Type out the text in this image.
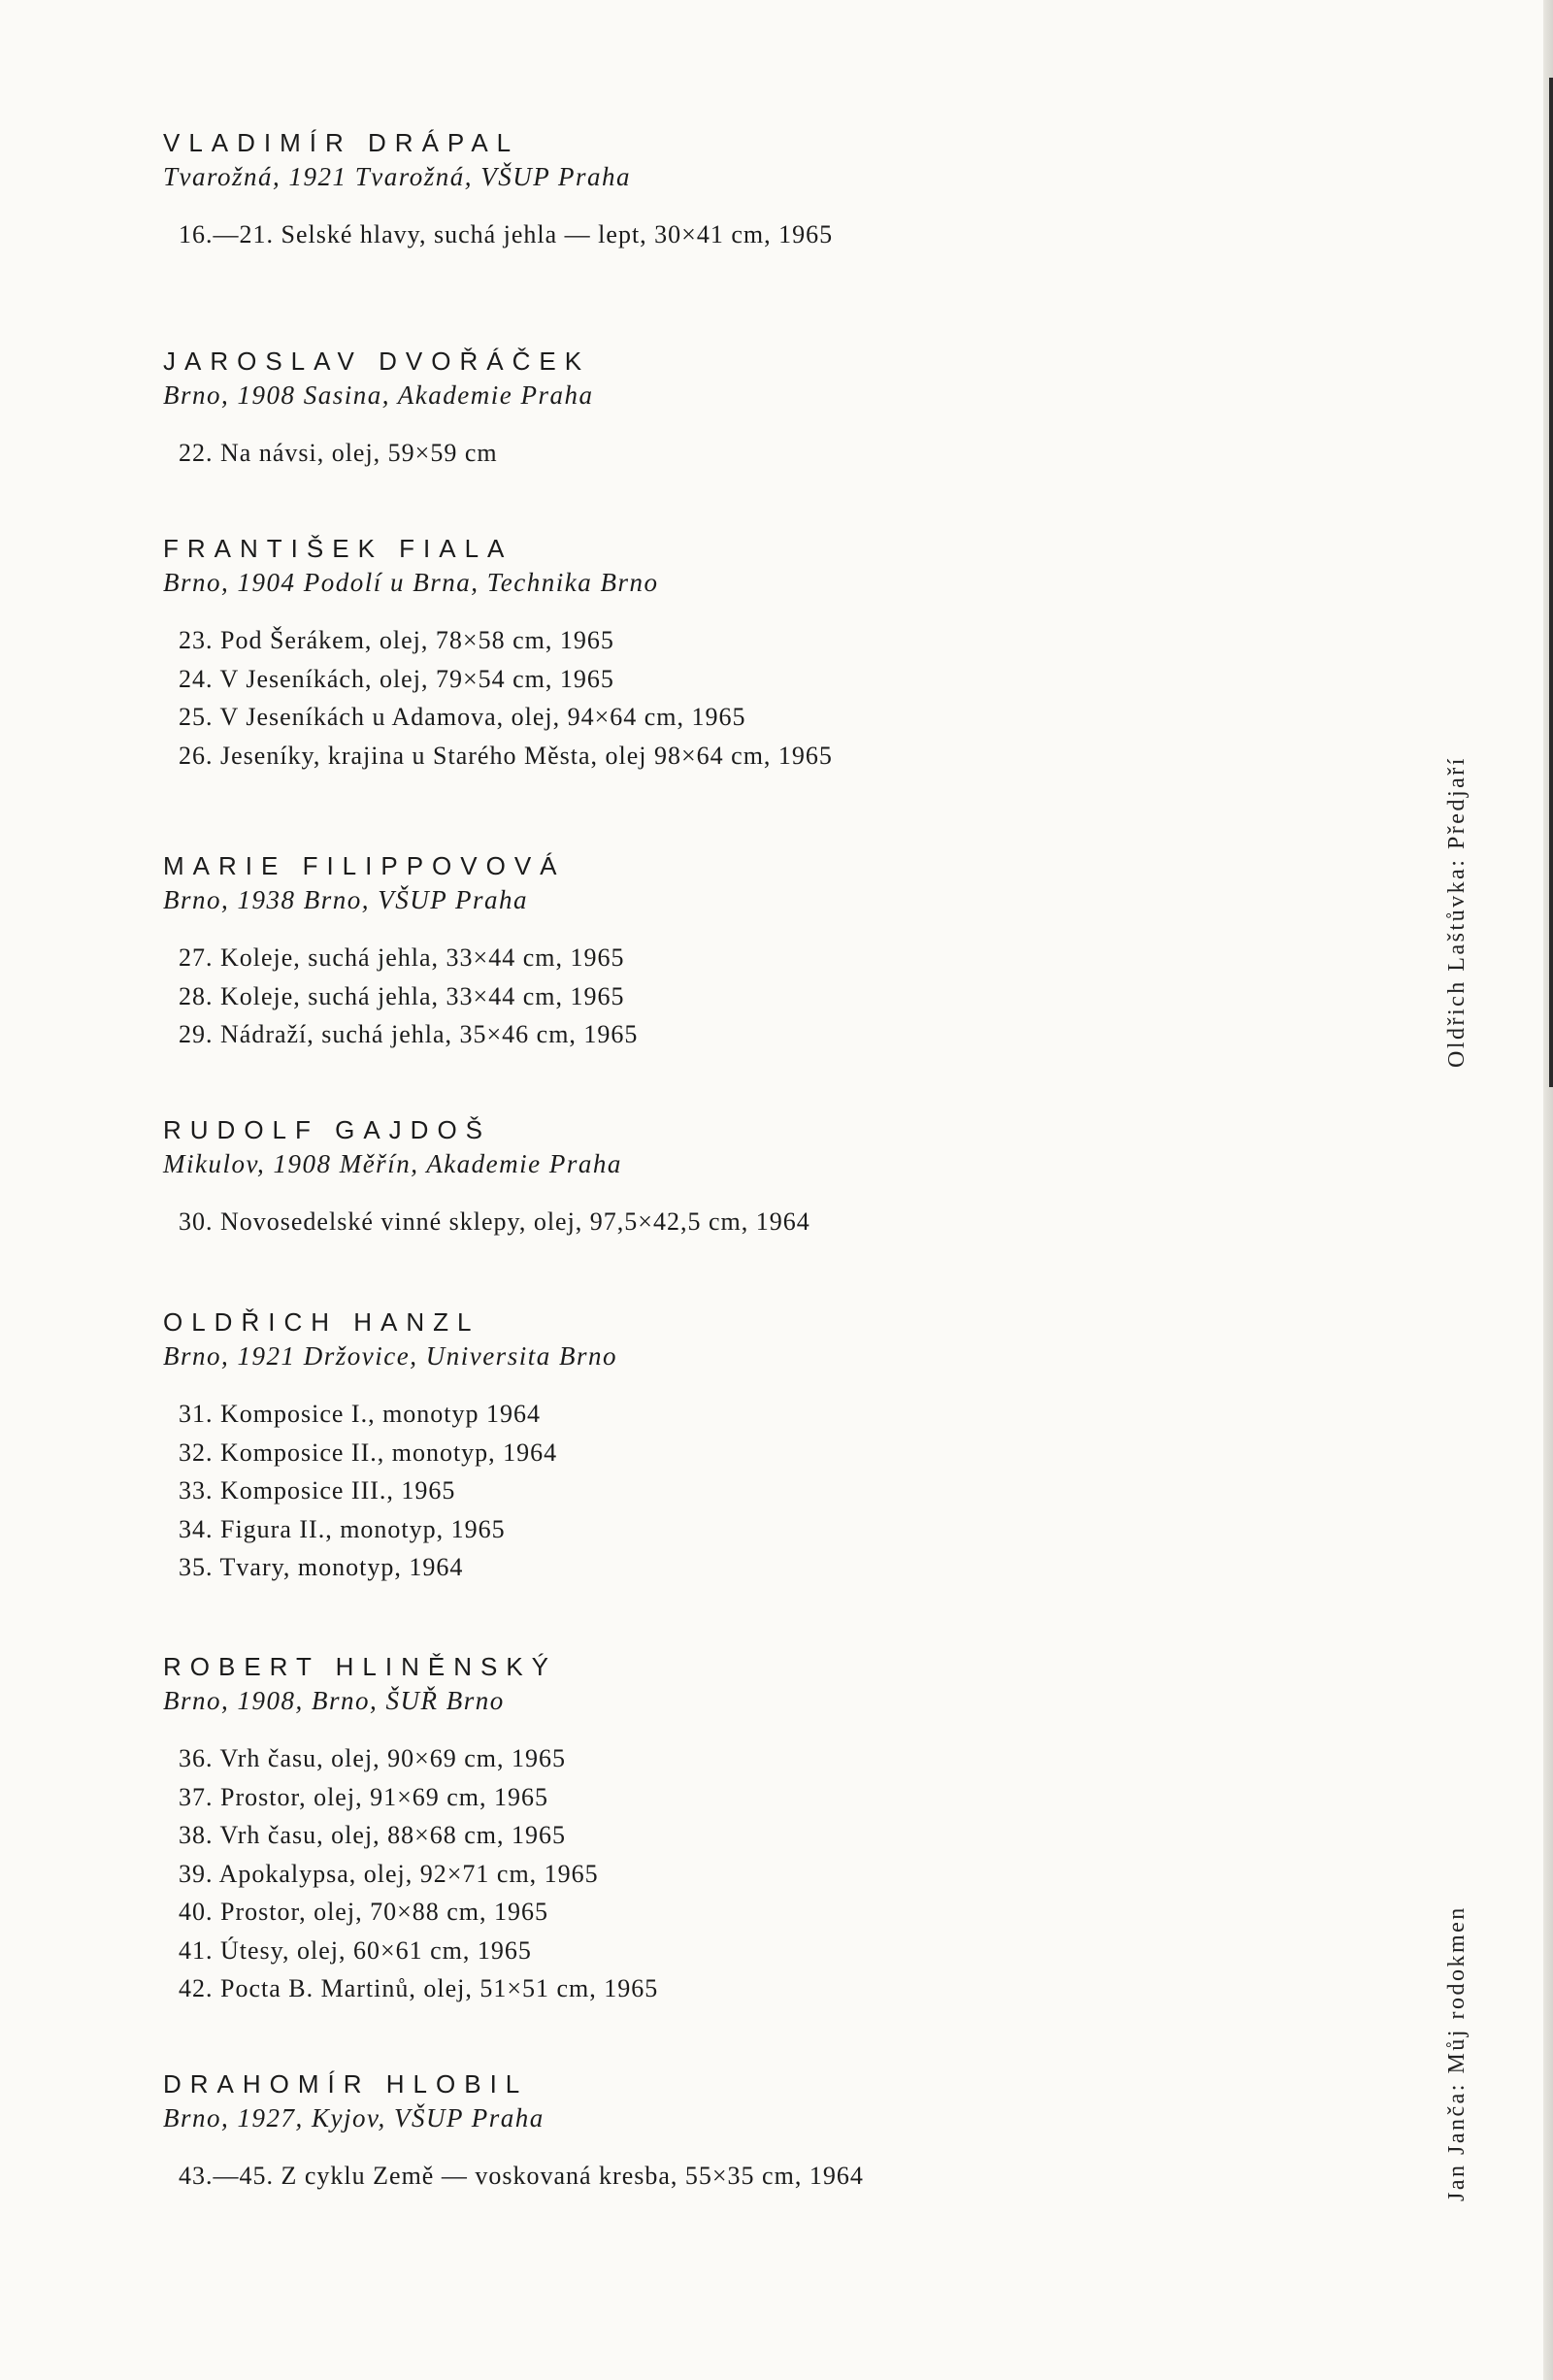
VLADIMÍR DRÁPAL
Tvarožná, 1921 Tvarožná, VŠUP Praha
16.—21. Selské hlavy, suchá jehla — lept, 30×41 cm, 1965
JAROSLAV DVOŘÁČEK
Brno, 1908 Sasina, Akademie Praha
22. Na návsi, olej, 59×59 cm
FRANTIŠEK FIALA
Brno, 1904 Podolí u Brna, Technika Brno
23. Pod Šerákem, olej, 78×58 cm, 1965
24. V Jeseníkách, olej, 79×54 cm, 1965
25. V Jeseníkách u Adamova, olej, 94×64 cm, 1965
26. Jeseníky, krajina u Starého Města, olej 98×64 cm, 1965
MARIE FILIPPOVOVÁ
Brno, 1938 Brno, VŠUP Praha
27. Koleje, suchá jehla, 33×44 cm, 1965
28. Koleje, suchá jehla, 33×44 cm, 1965
29. Nádraží, suchá jehla, 35×46 cm, 1965
RUDOLF GAJDOŠ
Mikulov, 1908 Měřín, Akademie Praha
30. Novosedelské vinné sklepy, olej, 97,5×42,5 cm, 1964
OLDŘICH HANZL
Brno, 1921 Držovice, Universita Brno
31. Komposice I., monotyp 1964
32. Komposice II., monotyp, 1964
33. Komposice III., 1965
34. Figura II., monotyp, 1965
35. Tvary, monotyp, 1964
ROBERT HLINĚNSKÝ
Brno, 1908, Brno, ŠUŘ Brno
36. Vrh času, olej, 90×69 cm, 1965
37. Prostor, olej, 91×69 cm, 1965
38. Vrh času, olej, 88×68 cm, 1965
39. Apokalypsa, olej, 92×71 cm, 1965
40. Prostor, olej, 70×88 cm, 1965
41. Útesy, olej, 60×61 cm, 1965
42. Pocta B. Martinů, olej, 51×51 cm, 1965
DRAHOMÍR HLOBIL
Brno, 1927, Kyjov, VŠUP Praha
43.—45. Z cyklu Země — voskovaná kresba, 55×35 cm, 1964
Oldřich Laštůvka: Předjaří
Jan Janča: Můj rodokmen
